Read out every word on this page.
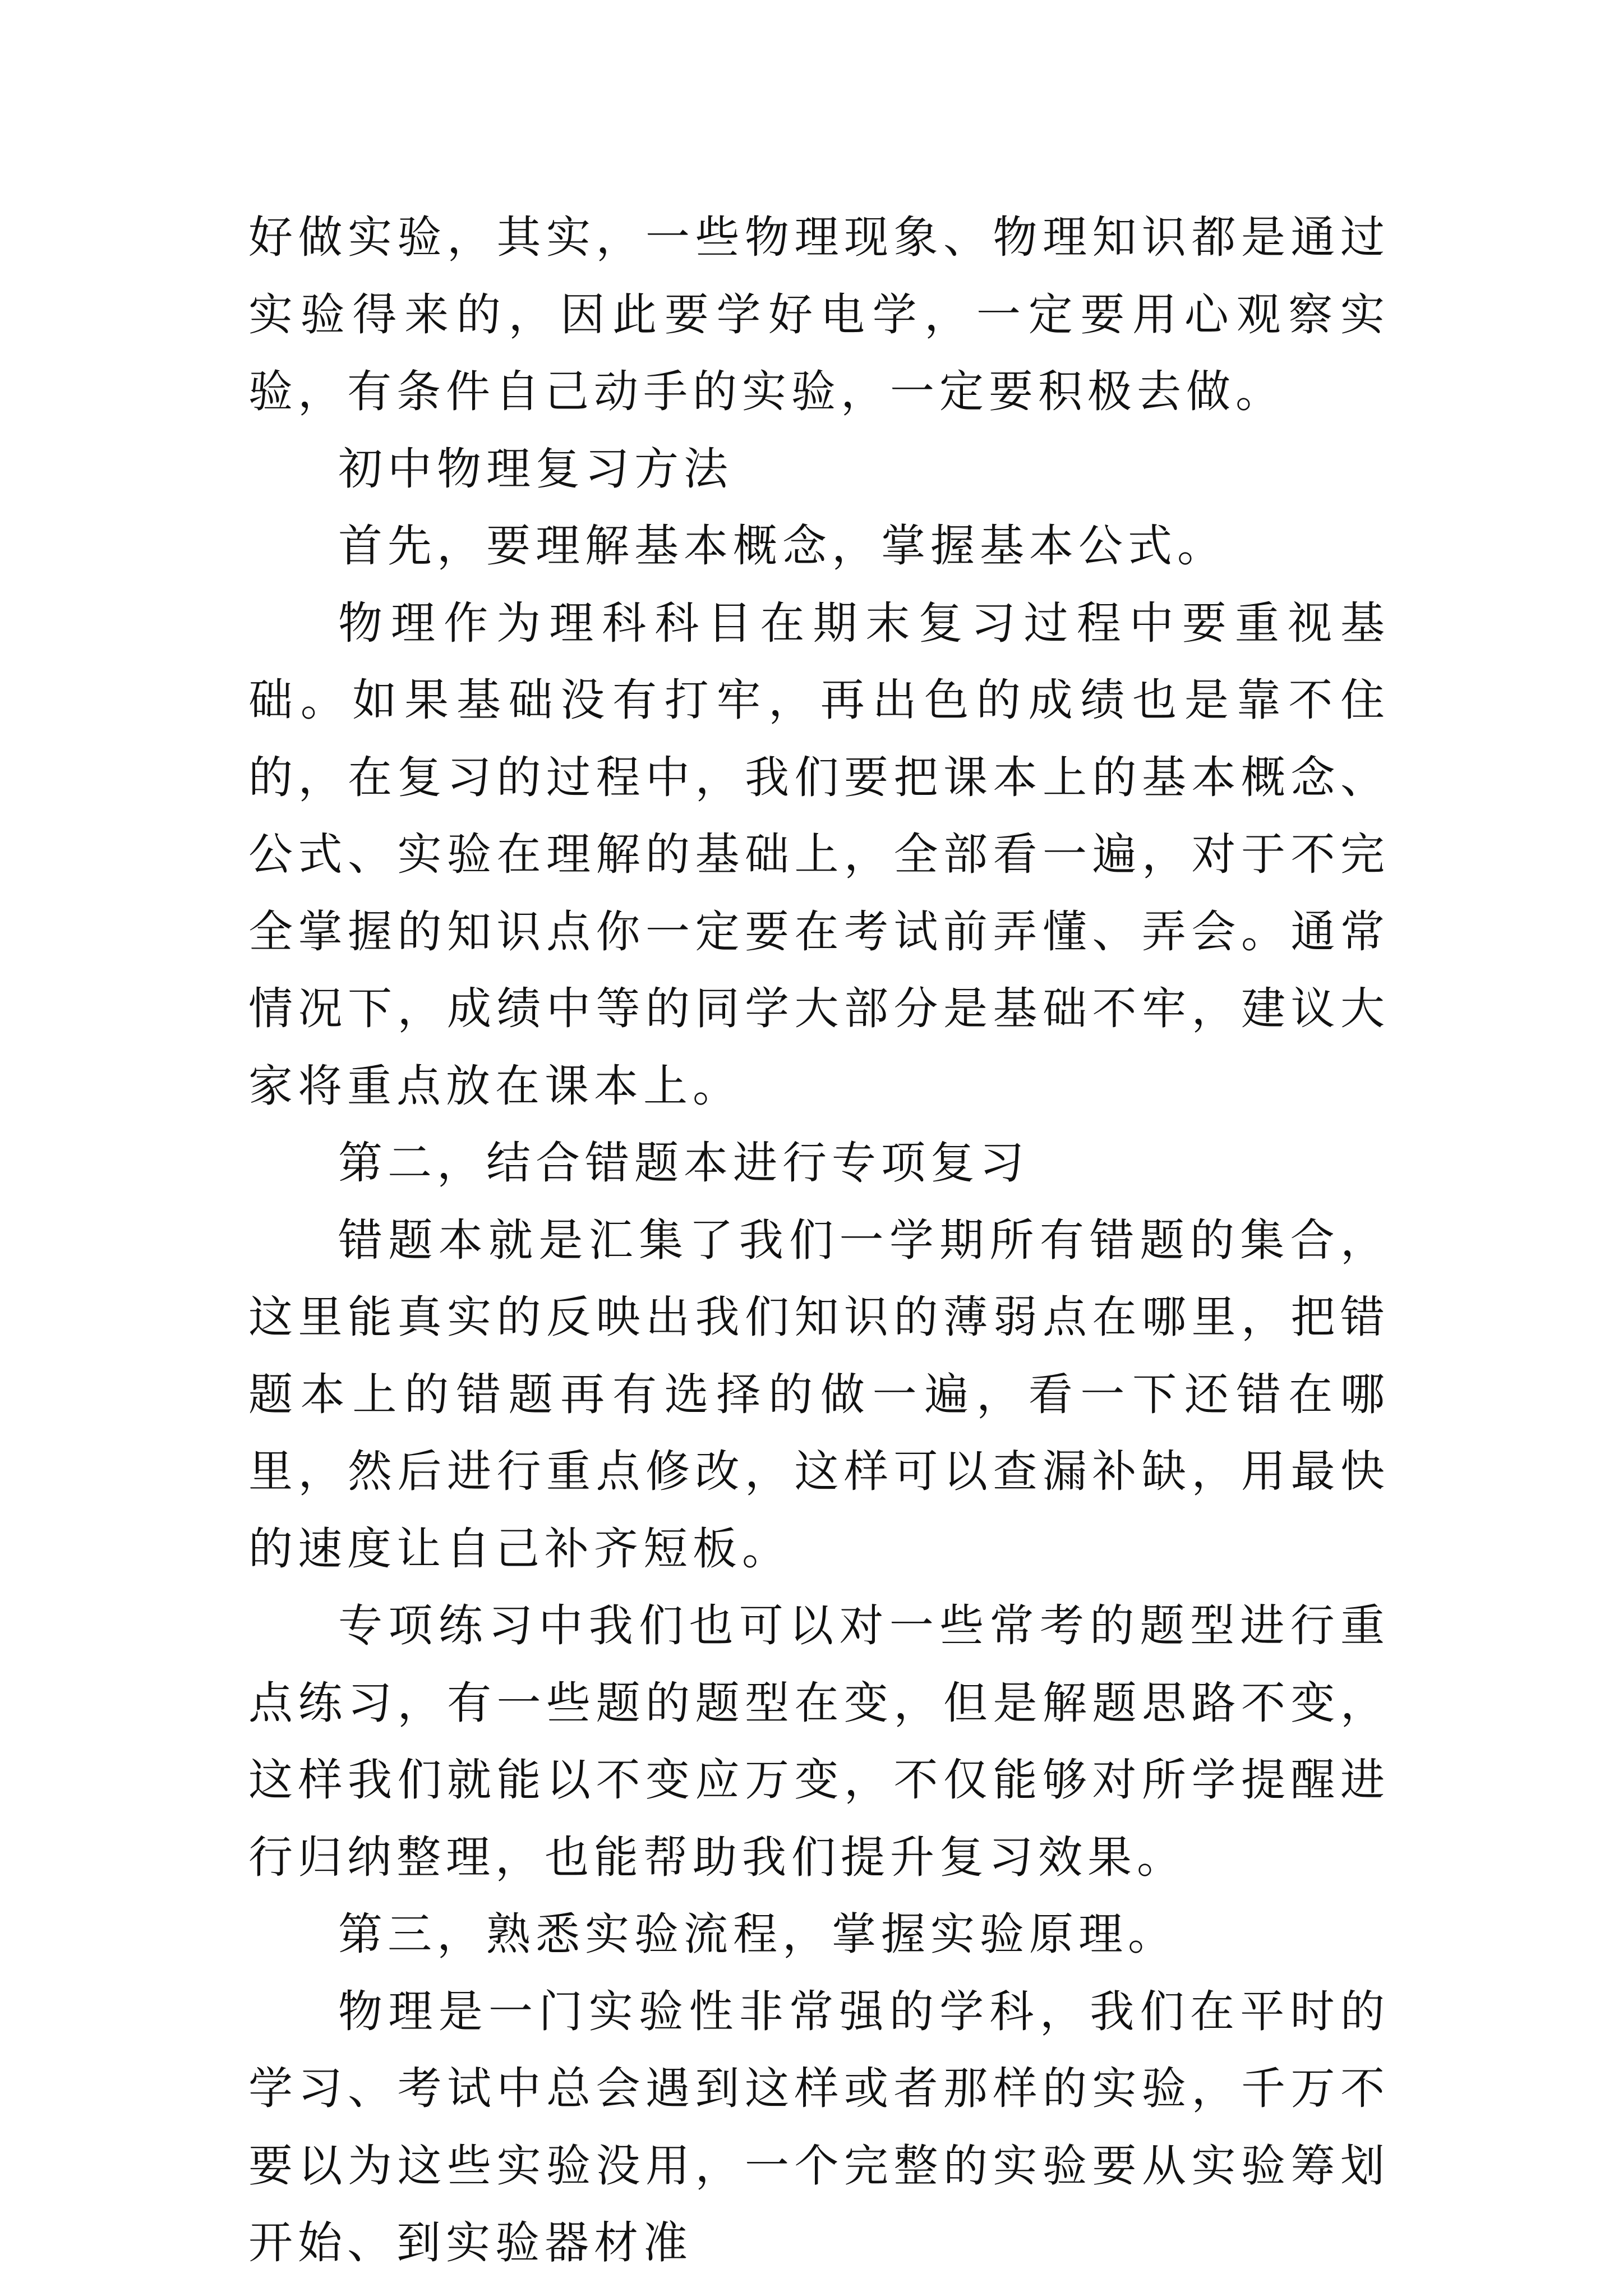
好做实验，其实，一些物理现象、物理知识都是通过实验得来的，因此要学好电学，一定要用心观察实验，有条件自己动手的实验，一定要积极去做。

初中物理复习方法

首先，要理解基本概念，掌握基本公式。

物理作为理科科目在期末复习过程中要重视基础。如果基础没有打牢，再出色的成绩也是靠不住的，在复习的过程中，我们要把课本上的基本概念、公式、实验在理解的基础上，全部看一遍，对于不完全掌握的知识点你一定要在考试前弄懂、弄会。通常情况下，成绩中等的同学大部分是基础不牢，建议大家将重点放在课本上。

第二，结合错题本进行专项复习

错题本就是汇集了我们一学期所有错题的集合，这里能真实的反映出我们知识的薄弱点在哪里，把错题本上的错题再有选择的做一遍，看一下还错在哪里，然后进行重点修改，这样可以查漏补缺，用最快的速度让自己补齐短板。

专项练习中我们也可以对一些常考的题型进行重点练习，有一些题的题型在变，但是解题思路不变，这样我们就能以不变应万变，不仅能够对所学提醒进行归纳整理，也能帮助我们提升复习效果。

第三，熟悉实验流程，掌握实验原理。

物理是一门实验性非常强的学科，我们在平时的学习、考试中总会遇到这样或者那样的实验，千万不要以为这些实验没用，一个完整的实验要从实验筹划开始、到实验器材准
